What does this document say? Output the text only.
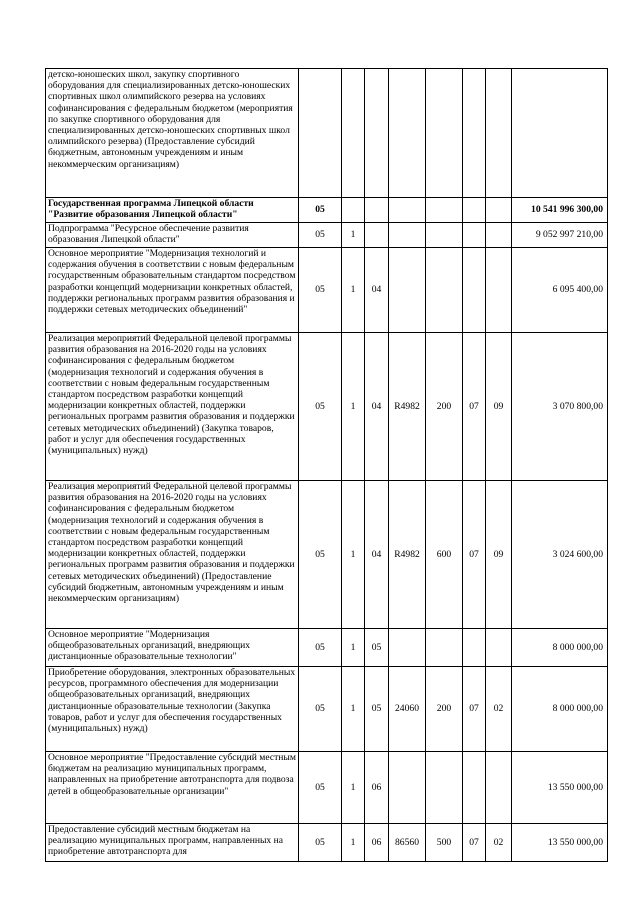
детско-юношеских школ, закупку спортивного оборудования для специализированных детско-юношеских спортивных школ олимпийского резерва на условиях софинансирования с федеральным бюджетом (мероприятия по закупке спортивного оборудования для специализированных детско-юношеских спортивных школ олимпийского резерва) (Предоставление субсидий бюджетным, автономным учреждениям и иным некоммерческим организациям)								
Государственная программа Липецкой области "Развитие образования Липецкой области"	05							10 541 996 300,00
Подпрограмма "Ресурсное обеспечение развития образования Липецкой области"	05	1						9 052 997 210,00
Основное мероприятие "Модернизация технологий и содержания обучения в соответствии с новым федеральным государственным образовательным стандартом посредством разработки концепций модернизации конкретных областей, поддержки региональных программ развития образования и поддержки сетевых методических объединений"	05	1	04					6 095 400,00
Реализация мероприятий Федеральной целевой программы развития образования на 2016-2020 годы на условиях софинансирования с федеральным бюджетом (модернизация технологий и содержания обучения в соответствии с новым федеральным государственным стандартом посредством разработки концепций модернизации конкретных областей, поддержки региональных программ развития образования и поддержки сетевых методических объединений) (Закупка товаров, работ и услуг для обеспечения государственных (муниципальных) нужд)	05	1	04	R4982	200	07	09	3 070 800,00
Реализация мероприятий Федеральной целевой программы развития образования на 2016-2020 годы на условиях софинансирования с федеральным бюджетом (модернизация технологий и содержания обучения в соответствии с новым федеральным государственным стандартом посредством разработки концепций модернизации конкретных областей, поддержки региональных программ развития образования и поддержки сетевых методических объединений) (Предоставление субсидий бюджетным, автономным учреждениям и иным некоммерческим организациям)	05	1	04	R4982	600	07	09	3 024 600,00
Основное мероприятие "Модернизация общеобразовательных организаций, внедряющих дистанционные образовательные технологии"	05	1	05					8 000 000,00
Приобретение оборудования, электронных образовательных ресурсов, программного обеспечения для модернизации общеобразовательных организаций, внедряющих дистанционные образовательные технологии (Закупка товаров, работ и услуг для обеспечения государственных (муниципальных) нужд)	05	1	05	24060	200	07	02	8 000 000,00
Основное мероприятие "Предоставление субсидий местным бюджетам на реализацию муниципальных программ, направленных на приобретение автотранспорта для подвоза детей в общеобразовательные организации"	05	1	06					13 550 000,00
Предоставление субсидий местным бюджетам на реализацию муниципальных программ, направленных на приобретение автотранспорта для	05	1	06	86560	500	07	02	13 550 000,00
